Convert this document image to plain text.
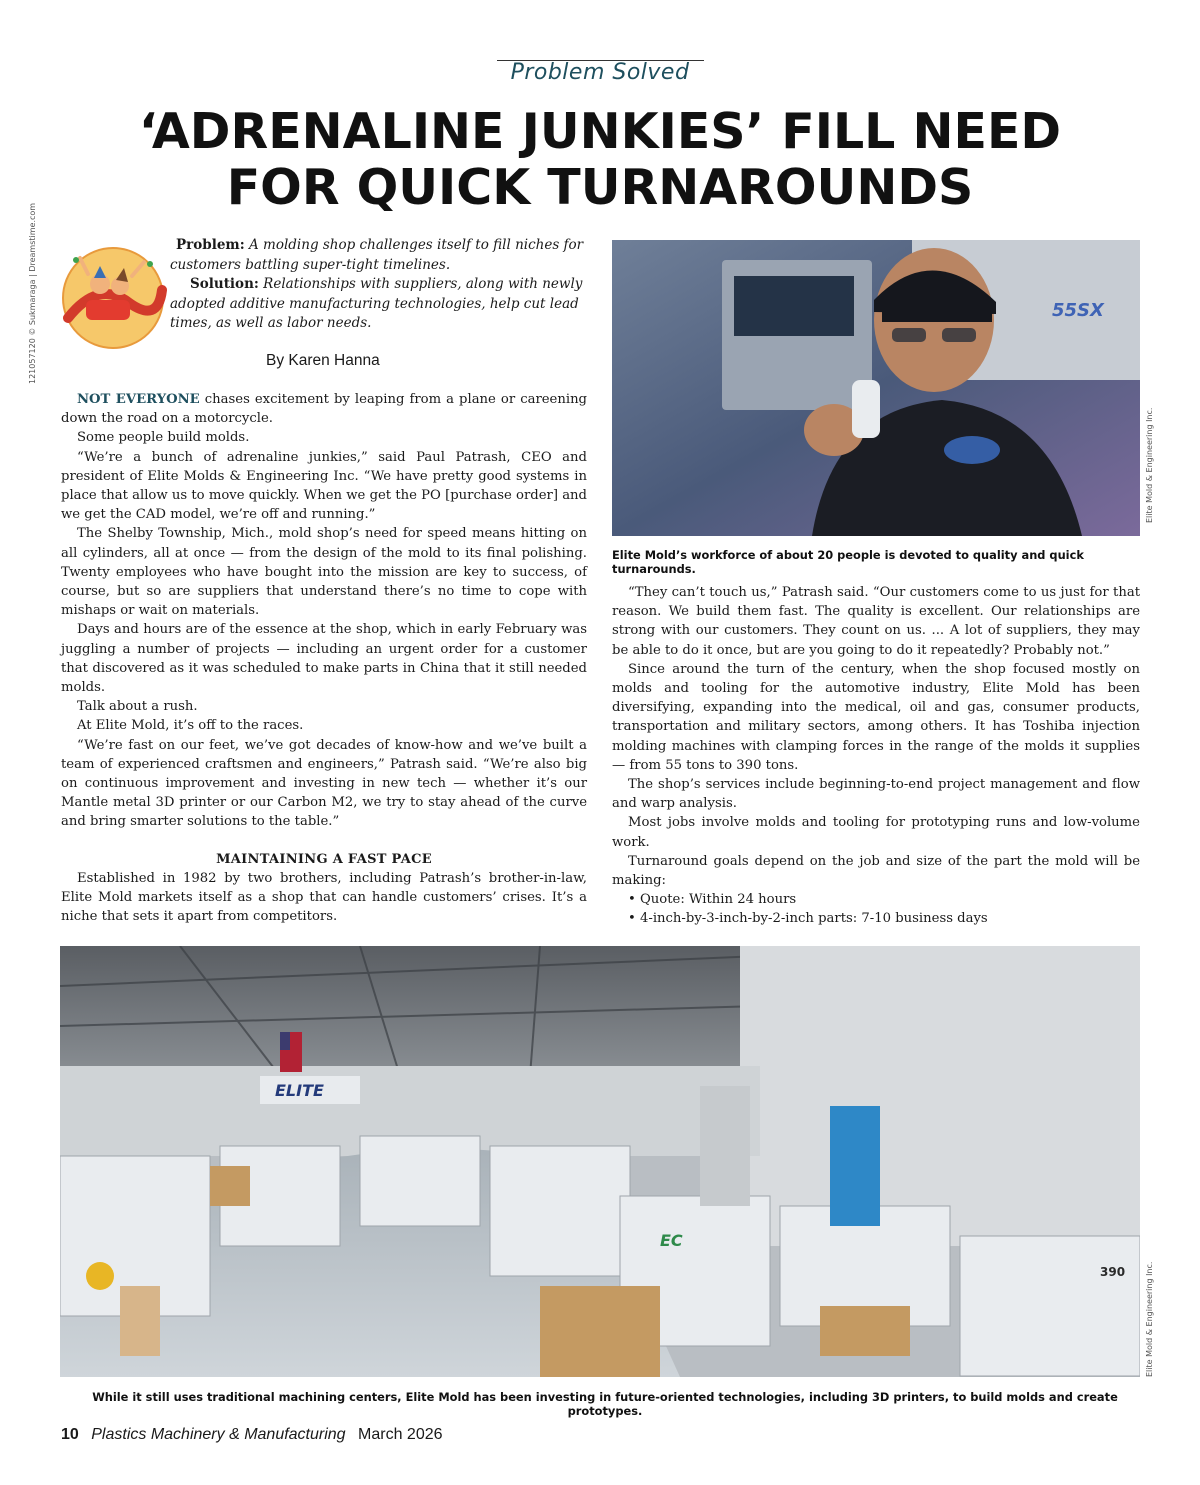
Problem Solved
‘ADRENALINE JUNKIES’ FILL NEED
FOR QUICK TURNAROUNDS
121057120 © Sukmaraga | Dreamstime.com	Problem: A molding shop challenges itself to fill niches for customers battling super-tight timelines.
Solution: Relationships with suppliers, along with newly adopted additive manufacturing technologies, help cut lead times, as well as labor needs.
By Karen Hanna

NOT EVERYONE chases excitement by leaping from a plane or careening down the road on a motorcycle.

Some people build molds.

“We’re a bunch of adrenaline junkies,” said Paul Patrash, CEO and president of Elite Molds & Engineering Inc. “We have pretty good systems in place that allow us to move quickly. When we get the PO [purchase order] and we get the CAD model, we’re off and running.”

The Shelby Township, Mich., mold shop’s need for speed means hitting on all cylinders, all at once — from the design of the mold to its final polishing. Twenty employees who have bought into the mission are key to success, of course, but so are suppliers that understand there’s no time to cope with mishaps or wait on materials.

Days and hours are of the essence at the shop, which in early February was juggling a number of projects — including an urgent order for a customer that discovered as it was scheduled to make parts in China that it still needed molds.

Talk about a rush.

At Elite Mold, it’s off to the races.

“We’re fast on our feet, we’ve got decades of know-how and we’ve built a team of experienced craftsmen and engineers,” Patrash said. “We’re also big on continuous improvement and investing in new tech — whether it’s our Mantle metal 3D printer or our Carbon M2, we try to stay ahead of the curve and bring smarter solutions to the table.”

MAINTAINING A FAST PACE

Established in 1982 by two brothers, including Patrash’s brother-in-law, Elite Mold markets itself as a shop that can handle customers’ crises. It’s a niche that sets it apart from competitors.

55SX
Elite Mold & Engineering Inc.
Elite Mold’s workforce of about 20 people is devoted to quality and quick turnarounds.

“They can’t touch us,” Patrash said. “Our customers come to us just for that reason. We build them fast. The quality is excellent. Our relationships are strong with our customers. They count on us. ... A lot of suppliers, they may be able to do it once, but are you going to do it repeatedly? Probably not.”

Since around the turn of the century, when the shop focused mostly on molds and tooling for the automotive industry, Elite Mold has been diversifying, expanding into the medical, oil and gas, consumer products, transportation and military sectors, among others. It has Toshiba injection molding machines with clamping forces in the range of the molds it supplies — from 55 tons to 390 tons.

The shop’s services include beginning-to-end project management and flow and warp analysis.

Most jobs involve molds and tooling for prototyping runs and low-volume work.

Turnaround goals depend on the job and size of the part the mold will be making:

• Quote: Within 24 hours
• 4-inch-by-3-inch-by-2-inch parts: 7-10 business days
ELITE
EC
390 Elite Mold & Engineering Inc.
While it still uses traditional machining centers, Elite Mold has been investing in future-oriented technologies, including 3D printers, to build molds and create prototypes.
10 Plastics Machinery & Manufacturing March 2026
